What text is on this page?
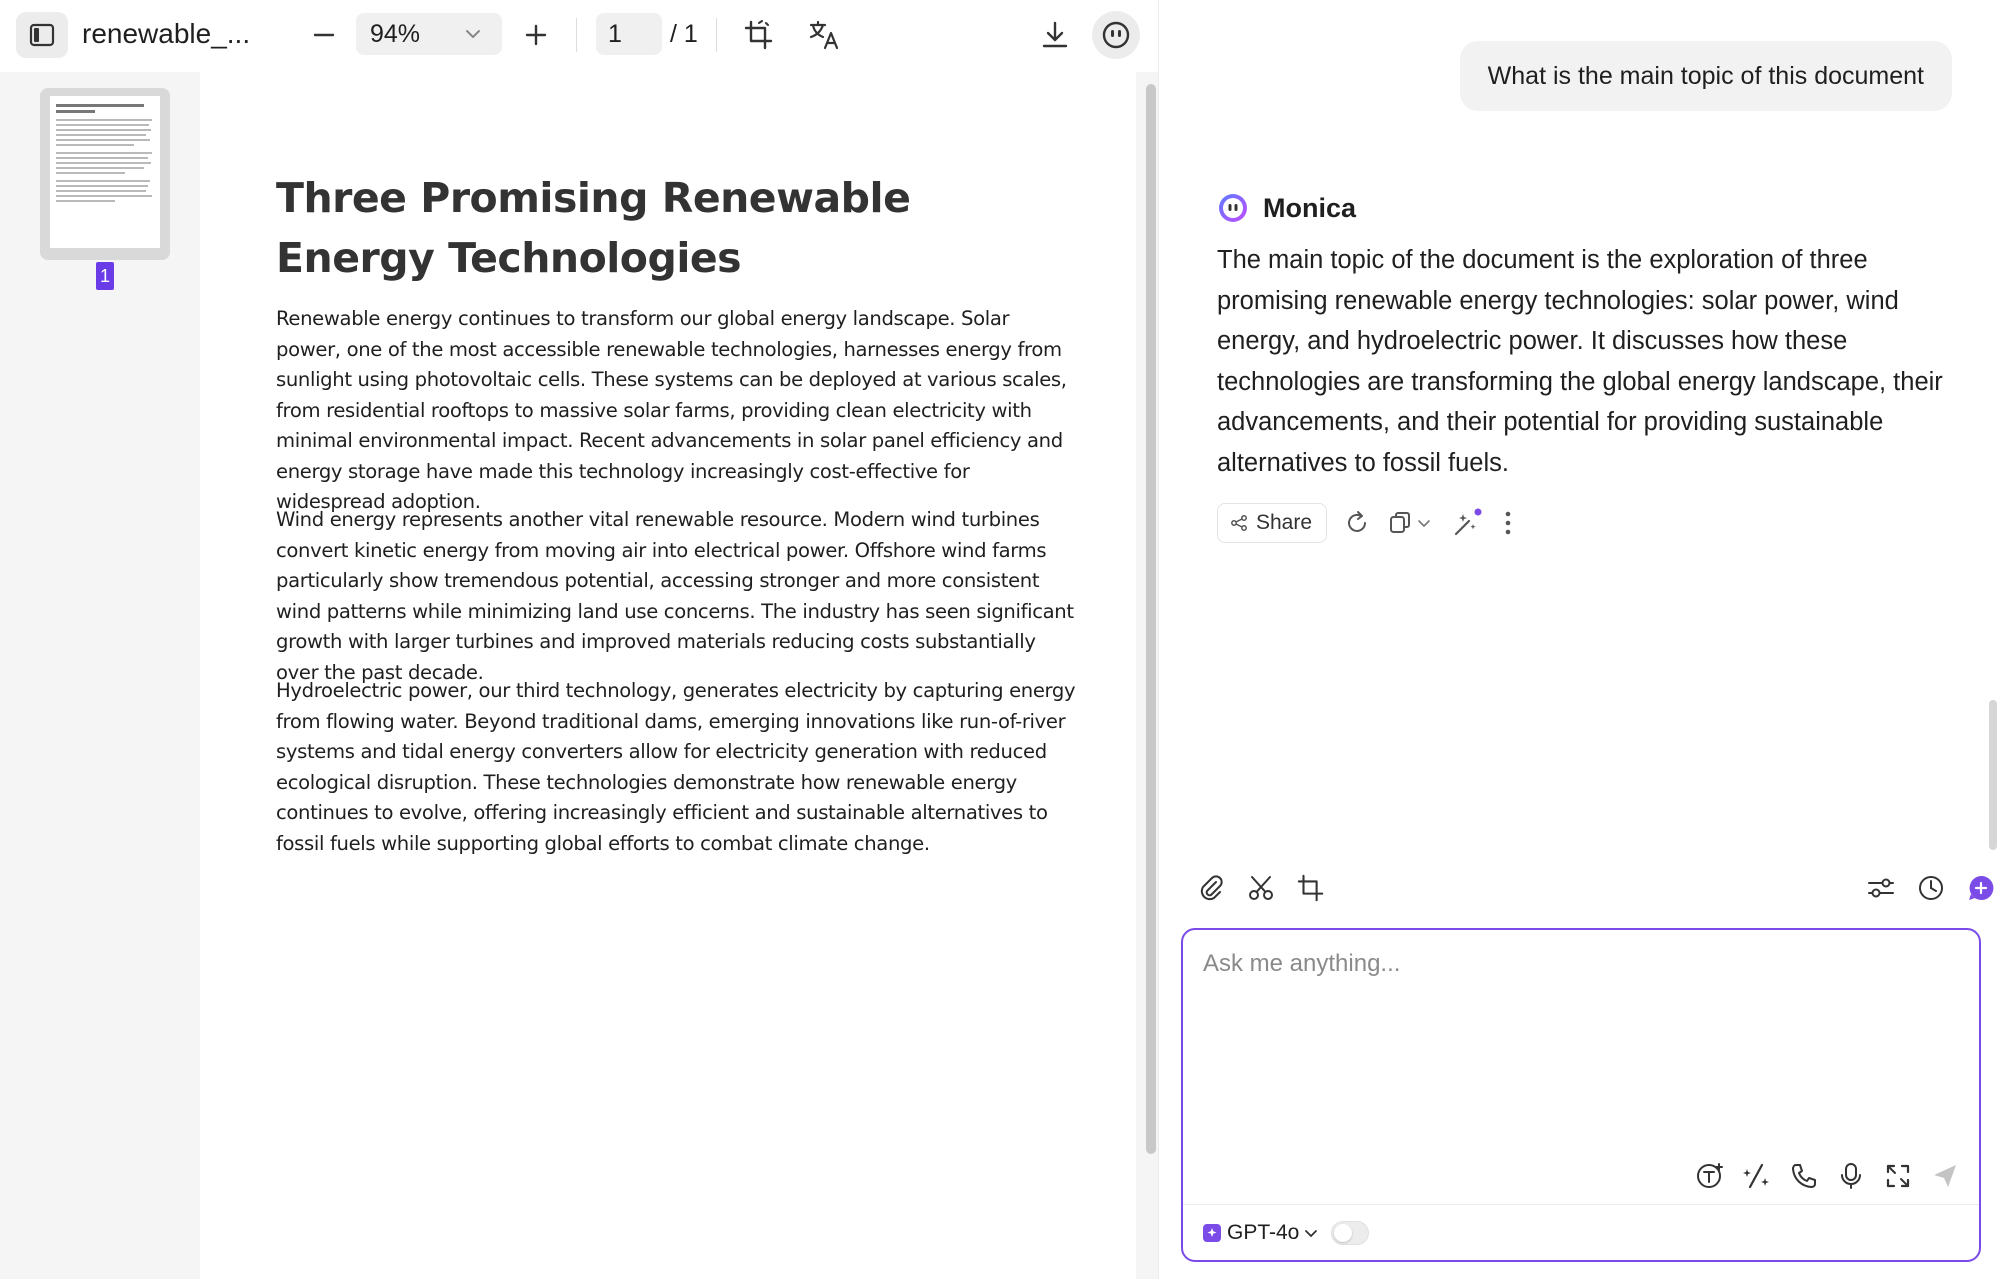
renewable_...	94%	1	/ 1
1
Three Promising Renewable Energy Technologies
Renewable energy continues to transform our global energy landscape. Solar power, one of the most accessible renewable technologies, harnesses energy from sunlight using photovoltaic cells. These systems can be deployed at various scales, from residential rooftops to massive solar farms, providing clean electricity with minimal environmental impact. Recent advancements in solar panel efficiency and energy storage have made this technology increasingly cost-effective for widespread adoption.
Wind energy represents another vital renewable resource. Modern wind turbines convert kinetic energy from moving air into electrical power. Offshore wind farms particularly show tremendous potential, accessing stronger and more consistent wind patterns while minimizing land use concerns. The industry has seen significant growth with larger turbines and improved materials reducing costs substantially over the past decade.
Hydroelectric power, our third technology, generates electricity by capturing energy from flowing water. Beyond traditional dams, emerging innovations like run-of-river systems and tidal energy converters allow for electricity generation with reduced ecological disruption. These technologies demonstrate how renewable energy continues to evolve, offering increasingly efficient and sustainable alternatives to fossil fuels while supporting global efforts to combat climate change.
What is the main topic of this document
Monica
The main topic of the document is the exploration of three promising renewable energy technologies: solar power, wind energy, and hydroelectric power. It discusses how these technologies are transforming the global energy landscape, their advancements, and their potential for providing sustainable alternatives to fossil fuels.
Share
Ask me anything...
GPT-4o
